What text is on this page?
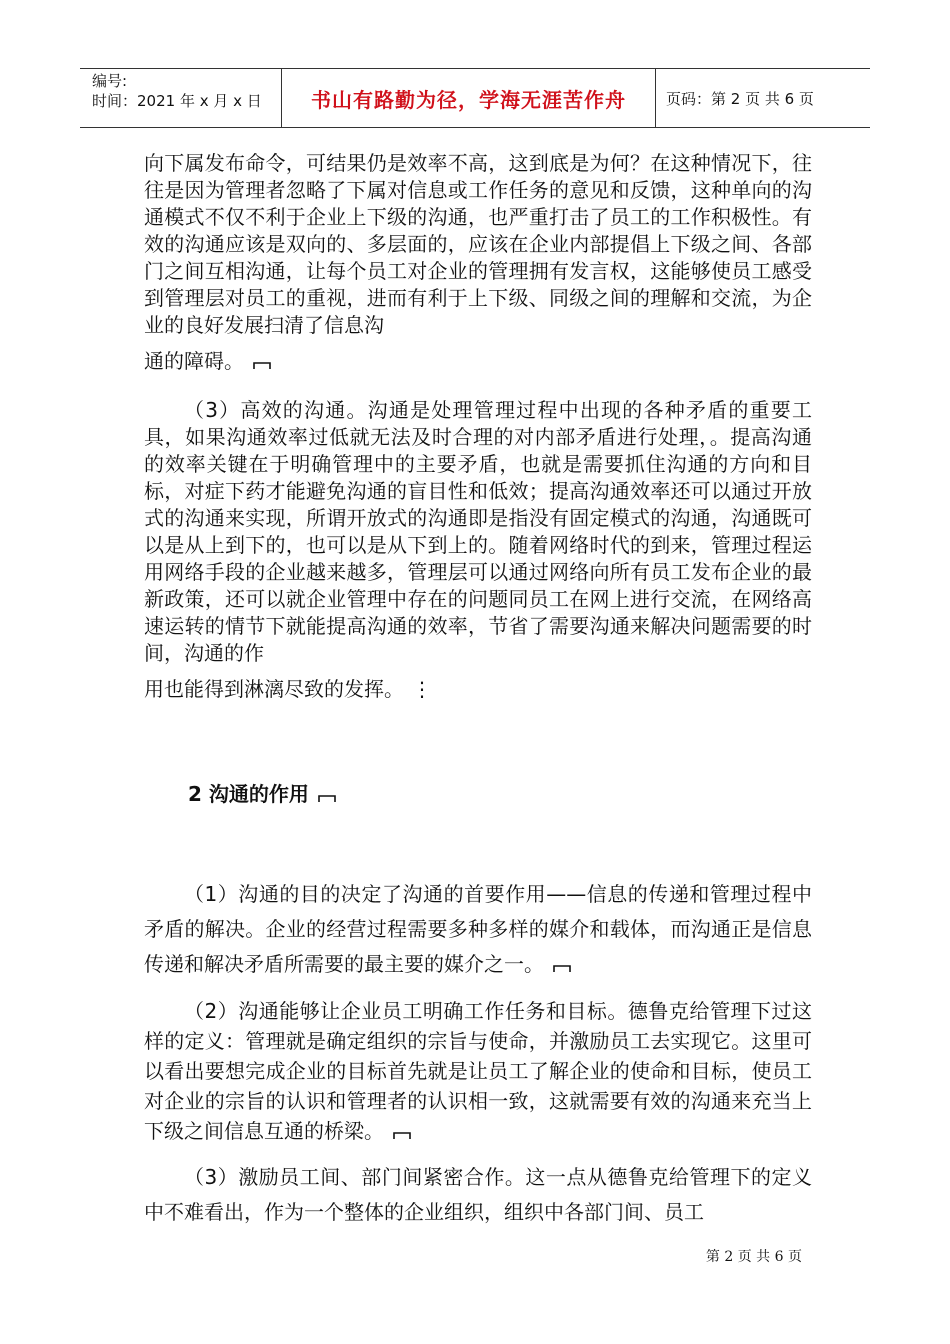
编号:
时间：2021 年 x 月 x 日	书山有路勤为径，学海无涯苦作舟	页码：第 2 页 共 6 页

向下属发布命令，可结果仍是效率不高，这到底是为何？在这种情况下，往往是因为管理者忽略了下属对信息或工作任务的意见和反馈，这种单向的沟通模式不仅不利于企业上下级的沟通，也严重打击了员工的工作积极性。有效的沟通应该是双向的、多层面的，应该在企业内部提倡上下级之间、各部门之间互相沟通，让每个员工对企业的管理拥有发言权，这能够使员工感受到管理层对员工的重视，进而有利于上下级、同级之间的理解和交流，为企业的良好发展扫清了信息沟

通的障碍。

（3）高效的沟通。沟通是处理管理过程中出现的各种矛盾的重要工具，如果沟通效率过低就无法及时合理的对内部矛盾进行处理，。提高沟通的效率关键在于明确管理中的主要矛盾，也就是需要抓住沟通的方向和目标，对症下药才能避免沟通的盲目性和低效；提高沟通效率还可以通过开放式的沟通来实现，所谓开放式的沟通即是指没有固定模式的沟通，沟通既可以是从上到下的，也可以是从下到上的。随着网络时代的到来，管理过程运用网络手段的企业越来越多，管理层可以通过网络向所有员工发布企业的最新政策，还可以就企业管理中存在的问题同员工在网上进行交流，在网络高速运转的情节下就能提高沟通的效率，节省了需要沟通来解决问题需要的时间，沟通的作

用也能得到淋漓尽致的发挥。 ⋮

2 沟通的作用

（1）沟通的目的决定了沟通的首要作用——信息的传递和管理过程中矛盾的解决。企业的经营过程需要多种多样的媒介和载体，而沟通正是信息传递和解决矛盾所需要的最主要的媒介之一。

（2）沟通能够让企业员工明确工作任务和目标。德鲁克给管理下过这样的定义：管理就是确定组织的宗旨与使命，并激励员工去实现它。这里可以看出要想完成企业的目标首先就是让员工了解企业的使命和目标，使员工对企业的宗旨的认识和管理者的认识相一致，这就需要有效的沟通来充当上下级之间信息互通的桥梁。

（3）激励员工间、部门间紧密合作。这一点从德鲁克给管理下的定义中不难看出，作为一个整体的企业组织，组织中各部门间、员工

第 2 页 共 6 页
